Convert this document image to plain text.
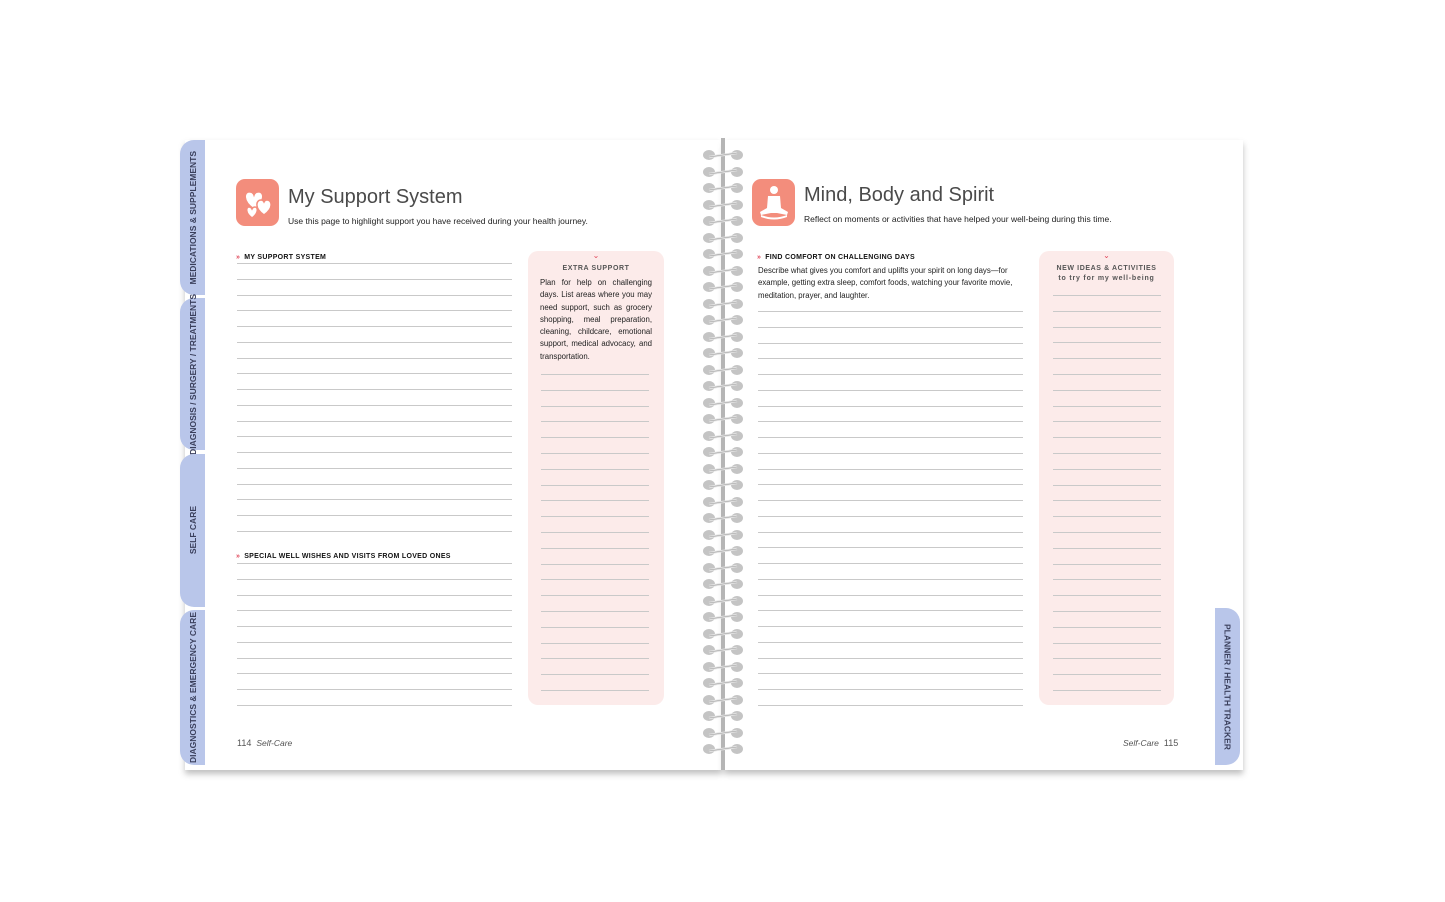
MEDICATIONS & SUPPLEMENTS
DIAGNOSIS / SURGERY / TREATMENTS
SELF CARE
DIAGNOSTICS & EMERGENCY CARE	PLANNER / HEALTH TRACKER
My Support System
Use this page to highlight support you have received during your health journey.
» MY SUPPORT SYSTEM
» SPECIAL WELL WISHES AND VISITS FROM LOVED ONES
⌄
EXTRA SUPPORT
Plan for help on challenging days. List areas where you may need support, such as grocery shopping, meal preparation, cleaning, childcare, emotional support, medical advocacy, and transportation.
114 Self-Care
Mind, Body and Spirit
Reflect on moments or activities that have helped your well-being during this time.
» FIND COMFORT ON CHALLENGING DAYS
Describe what gives you comfort and uplifts your spirit on long days—for example, getting extra sleep, comfort foods, watching your favorite movie, meditation, prayer, and laughter.
⌄
NEW IDEAS & ACTIVITIES
to try for my well-being
Self-Care 115
